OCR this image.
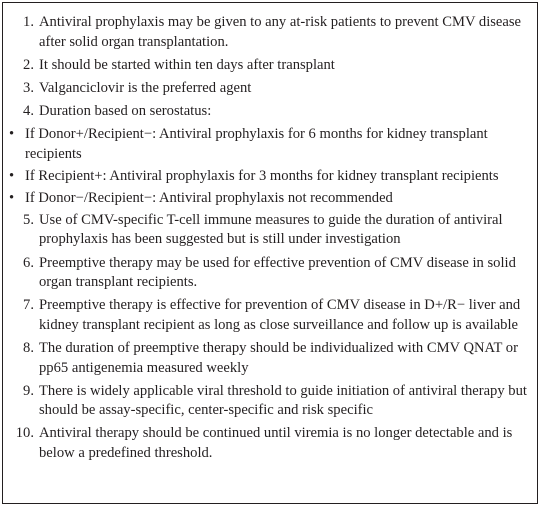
1. Antiviral prophylaxis may be given to any at-risk patients to prevent CMV disease after solid organ transplantation.
2. It should be started within ten days after transplant
3. Valganciclovir is the preferred agent
4. Duration based on serostatus:
• If Donor+/Recipient−: Antiviral prophylaxis for 6 months for kidney transplant recipients
• If Recipient+: Antiviral prophylaxis for 3 months for kidney transplant recipients
• If Donor−/Recipient−: Antiviral prophylaxis not recommended
5. Use of CMV-specific T-cell immune measures to guide the duration of antiviral prophylaxis has been suggested but is still under investigation
6. Preemptive therapy may be used for effective prevention of CMV disease in solid organ transplant recipients.
7. Preemptive therapy is effective for prevention of CMV disease in D+/R− liver and kidney transplant recipient as long as close surveillance and follow up is available
8. The duration of preemptive therapy should be individualized with CMV QNAT or pp65 antigenemia measured weekly
9. There is widely applicable viral threshold to guide initiation of antiviral therapy but should be assay-specific, center-specific and risk specific
10. Antiviral therapy should be continued until viremia is no longer detectable and is below a predefined threshold.
